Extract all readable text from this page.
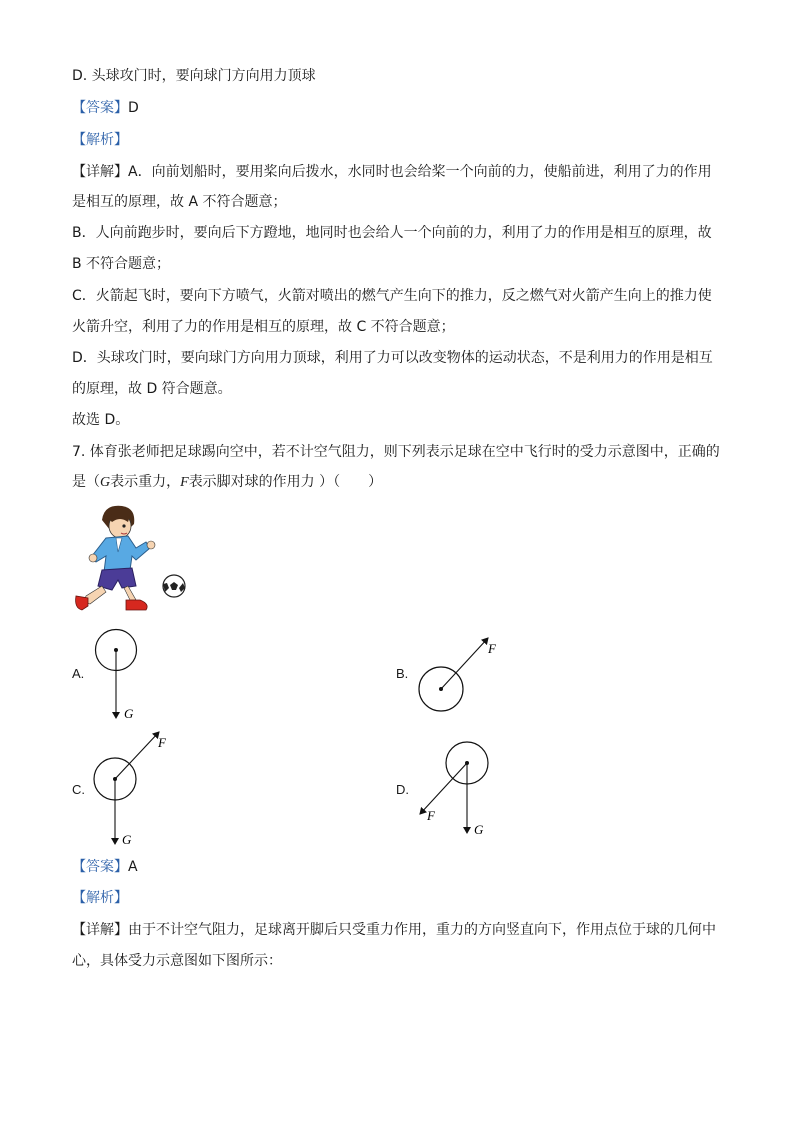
D. 头球攻门时，要向球门方向用力顶球
【答案】D
【解析】
【详解】A．向前划船时，要用桨向后拨水，水同时也会给桨一个向前的力，使船前进，利用了力的作用
是相互的原理，故 A 不符合题意；
B．人向前跑步时，要向后下方蹬地，地同时也会给人一个向前的力，利用了力的作用是相互的原理，故
B 不符合题意；
C．火箭起飞时，要向下方喷气，火箭对喷出的燃气产生向下的推力，反之燃气对火箭产生向上的推力使
火箭升空，利用了力的作用是相互的原理，故 C 不符合题意；
D．头球攻门时，要向球门方向用力顶球，利用了力可以改变物体的运动状态，不是利用力的作用是相互
的原理，故 D 符合题意。
故选 D。
7. 体育张老师把足球踢向空中，若不计空气阻力，则下列表示足球在空中飞行时的受力示意图中，正确的
是（G表示重力，F表示脚对球的作用力 ）（　　）
A.
G
B.
F
C.
F
G
D.
F
G
【答案】A
【解析】
【详解】由于不计空气阻力，足球离开脚后只受重力作用，重力的方向竖直向下，作用点位于球的几何中
心，具体受力示意图如下图所示：
